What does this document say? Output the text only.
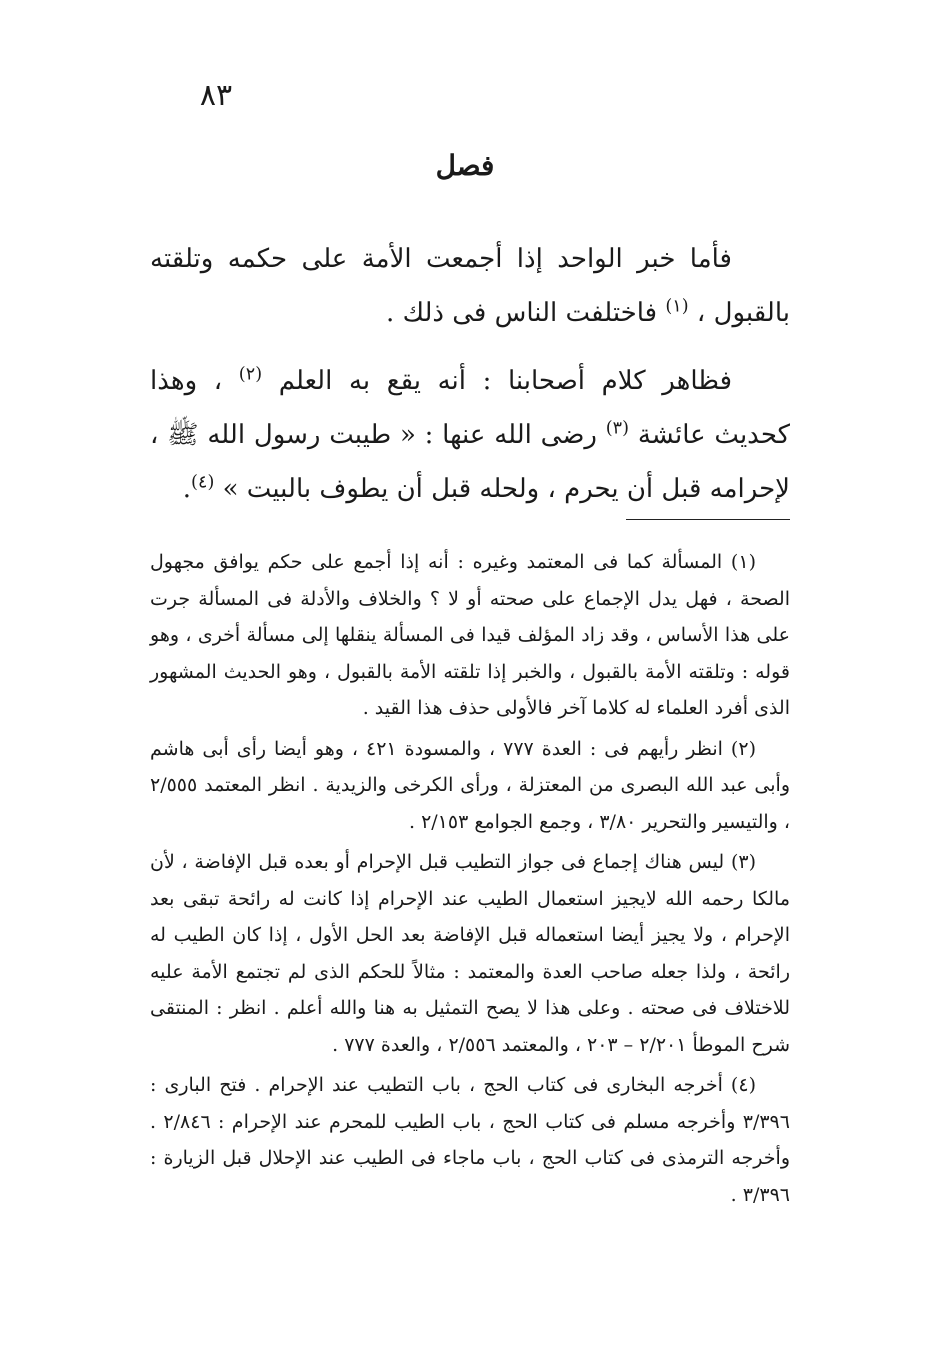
٨٣
فصل

فأما خبر الواحد إذا أجمعت الأمة على حكمه وتلقته بالقبول ، $^{(١)}$ فاختلفت الناس فى ذلك .

فظاهر كلام أصحابنا : أنه يقع به العلم $^{(٢)}$ ، وهذا كحديث عائشة $^{(٣)}$ رضى الله عنها : « طيبت رسول الله ﷺ ، لإحرامه قبل أن يحرم ، ولحله قبل أن يطوف بالبيت » $^{(٤)}$.

(١) المسألة كما فى المعتمد وغيره : أنه إذا أجمع على حكم يوافق مجهول الصحة ، فهل يدل الإجماع على صحته أو لا ؟ والخلاف والأدلة فى المسألة جرت على هذا الأساس ، وقد زاد المؤلف قيدا فى المسألة ينقلها إلى مسألة أخرى ، وهو قوله : وتلقته الأمة بالقبول ، والخبر إذا تلقته الأمة بالقبول ، وهو الحديث المشهور الذى أفرد العلماء له كلاما آخر فالأولى حذف هذا القيد .

(٢) انظر رأيهم فى : العدة ٧٧٧ ، والمسودة ٤٢١ ، وهو أيضا رأى أبى هاشم وأبى عبد الله البصرى من المعتزلة ، ورأى الكرخى والزيدية . انظر المعتمد ٢/٥٥٥ ، والتيسير والتحرير ٣/٨٠ ، وجمع الجوامع ٢/١٥٣ .

(٣) ليس هناك إجماع فى جواز التطيب قبل الإحرام أو بعده قبل الإفاضة ، لأن مالكا رحمه الله لايجيز استعمال الطيب عند الإحرام إذا كانت له رائحة تبقى بعد الإحرام ، ولا يجيز أيضا استعماله قبل الإفاضة بعد الحل الأول ، إذا كان الطيب له رائحة ، ولذا جعله صاحب العدة والمعتمد : مثالاً للحكم الذى لم تجتمع الأمة عليه للاختلاف فى صحته . وعلى هذا لا يصح التمثيل به هنا والله أعلم . انظر : المنتقى شرح الموطأ ٢/٢٠١ – ٢٠٣ ، والمعتمد ٢/٥٥٦ ، والعدة ٧٧٧ .

(٤) أخرجه البخارى فى كتاب الحج ، باب التطيب عند الإحرام . فتح البارى : ٣/٣٩٦ وأخرجه مسلم فى كتاب الحج ، باب الطيب للمحرم عند الإحرام : ٢/٨٤٦ . وأخرجه الترمذى فى كتاب الحج ، باب ماجاء فى الطيب عند الإحلال قبل الزيارة : ٣/٣٩٦ .
